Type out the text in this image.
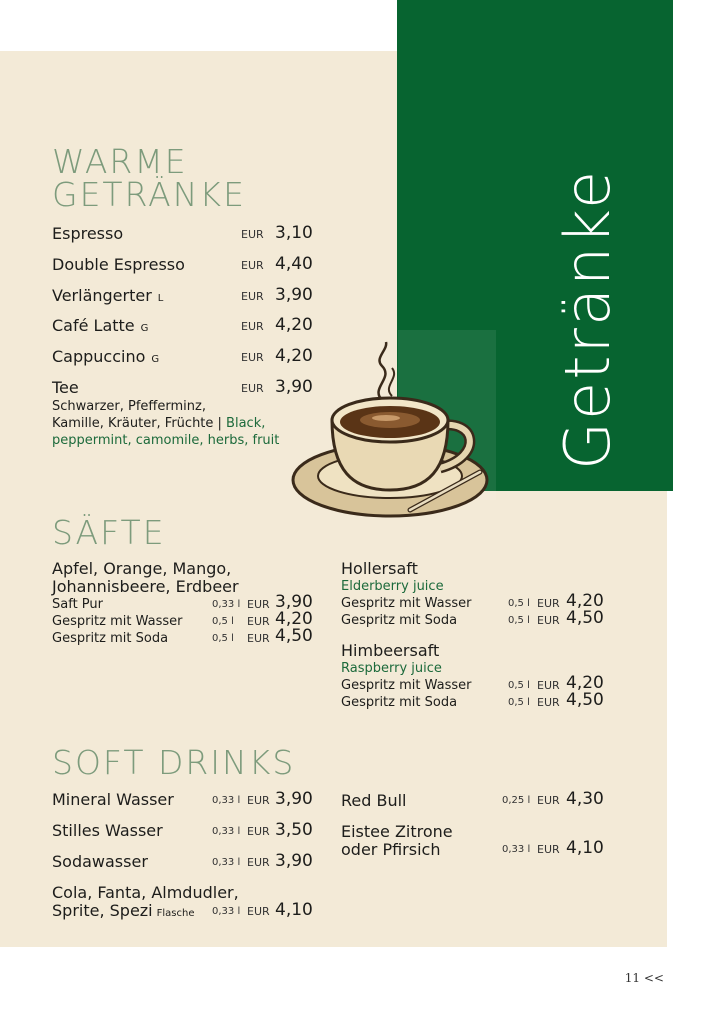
Getränke
WARME
GETRÄNKE
Espresso	EUR 3,10
Double Espresso	EUR 4,40
Verlängerter L	EUR 3,90
Café Latte G	EUR 4,20
Cappuccino G	EUR 4,20
Tee	EUR 3,90
Schwarzer, Pfefferminz,
Kamille, Kräuter, Früchte | Black,
peppermint, camomile, herbs, fruit
SÄFTE
Apfel, Orange, Mango,
Johannisbeere, Erdbeer
Saft Pur	0,33 l EUR 3,90
Gespritz mit Wasser	0,5 l EUR 4,20
Gespritz mit Soda	0,5 l EUR 4,50
Hollersaft
Elderberry juice
Gespritz mit Wasser	0,5 l EUR 4,20
Gespritz mit Soda	0,5 l EUR 4,50
Himbeersaft
Raspberry juice
Gespritz mit Wasser	0,5 l EUR 4,20
Gespritz mit Soda	0,5 l EUR 4,50
SOFT DRINKS
Mineral Wasser	0,33 l EUR 3,90
Stilles Wasser	0,33 l EUR 3,50
Sodawasser	0,33 l EUR 3,90
Cola, Fanta, Almdudler,
Sprite, Spezi Flasche 0,33 l EUR 4,10
Red Bull	0,25 l EUR 4,30
Eistee Zitrone
oder Pfirsich	0,33 l EUR 4,10
11 <<
